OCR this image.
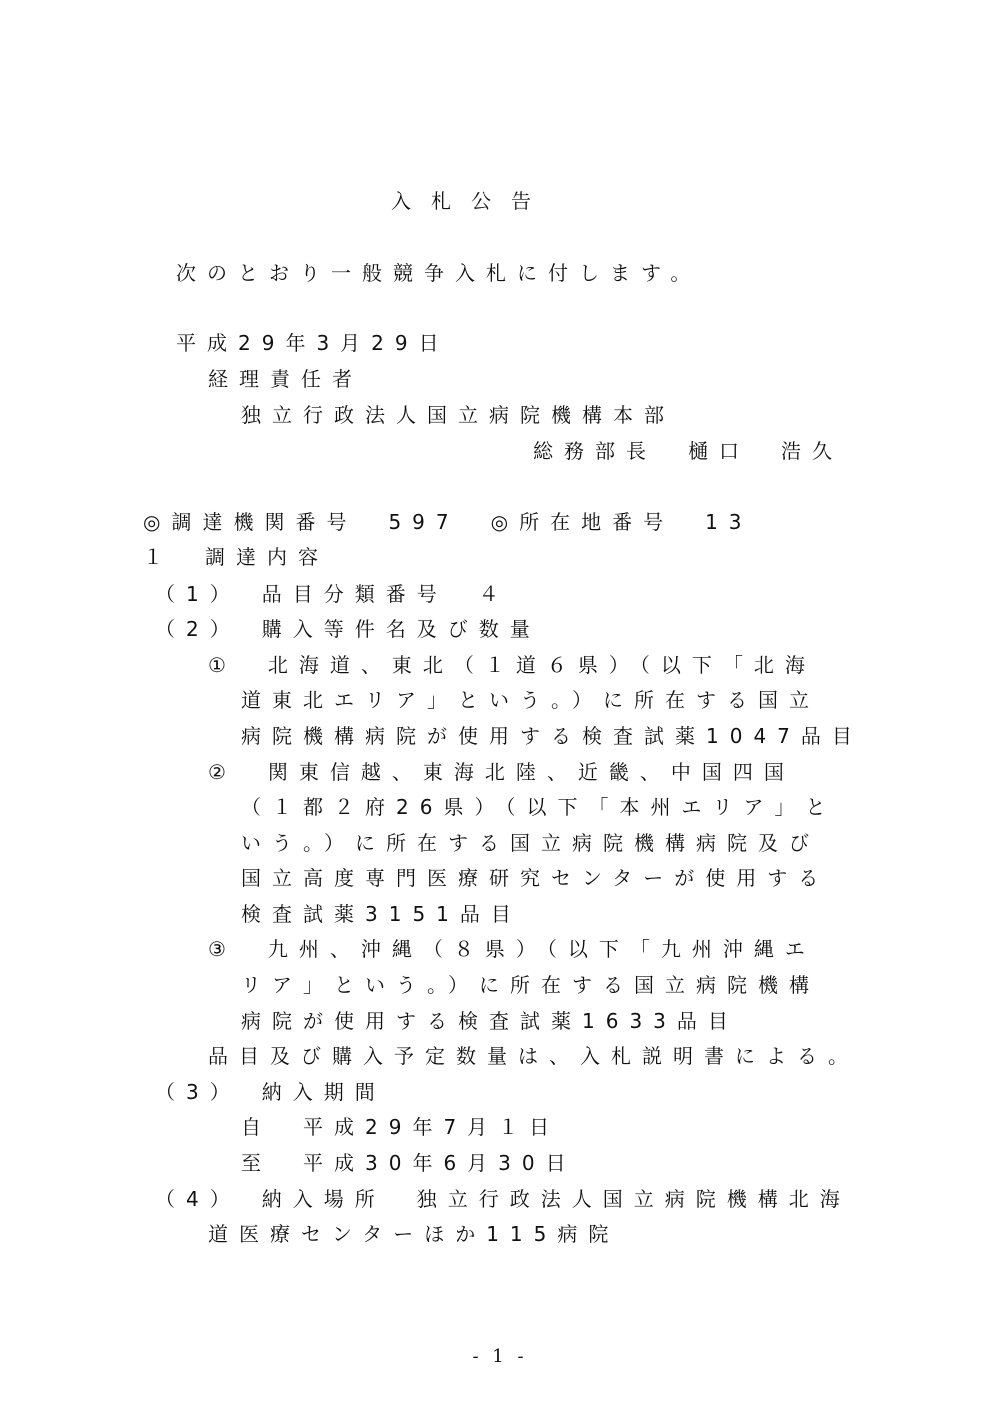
入　札　公　告

次のとおり一般競争入札に付します。

平成29年3月29日

経理責任者

独立行政法人国立病院機構本部

総務部長　樋口　浩久

◎調達機関番号　597　◎所在地番号　13

１　調達内容

（1）　品目分類番号　４

（2）　購入等件名及び数量

①　北海道、東北（１道６県）（以下「北海

道東北エリア」という。）に所在する国立

病院機構病院が使用する検査試薬1047品目

②　関東信越、東海北陸、近畿、中国四国

（１都２府26県）（以下「本州エリア」と

いう。）に所在する国立病院機構病院及び

国立高度専門医療研究センターが使用する

検査試薬3151品目

③　九州、沖縄（８県）（以下「九州沖縄エ

リア」という。）に所在する国立病院機構

病院が使用する検査試薬1633品目

品目及び購入予定数量は、入札説明書による。

（3）　納入期間

自　平成29年7月１日

至　平成30年6月30日

（4）　納入場所　独立行政法人国立病院機構北海

道医療センターほか115病院

- 1 -
